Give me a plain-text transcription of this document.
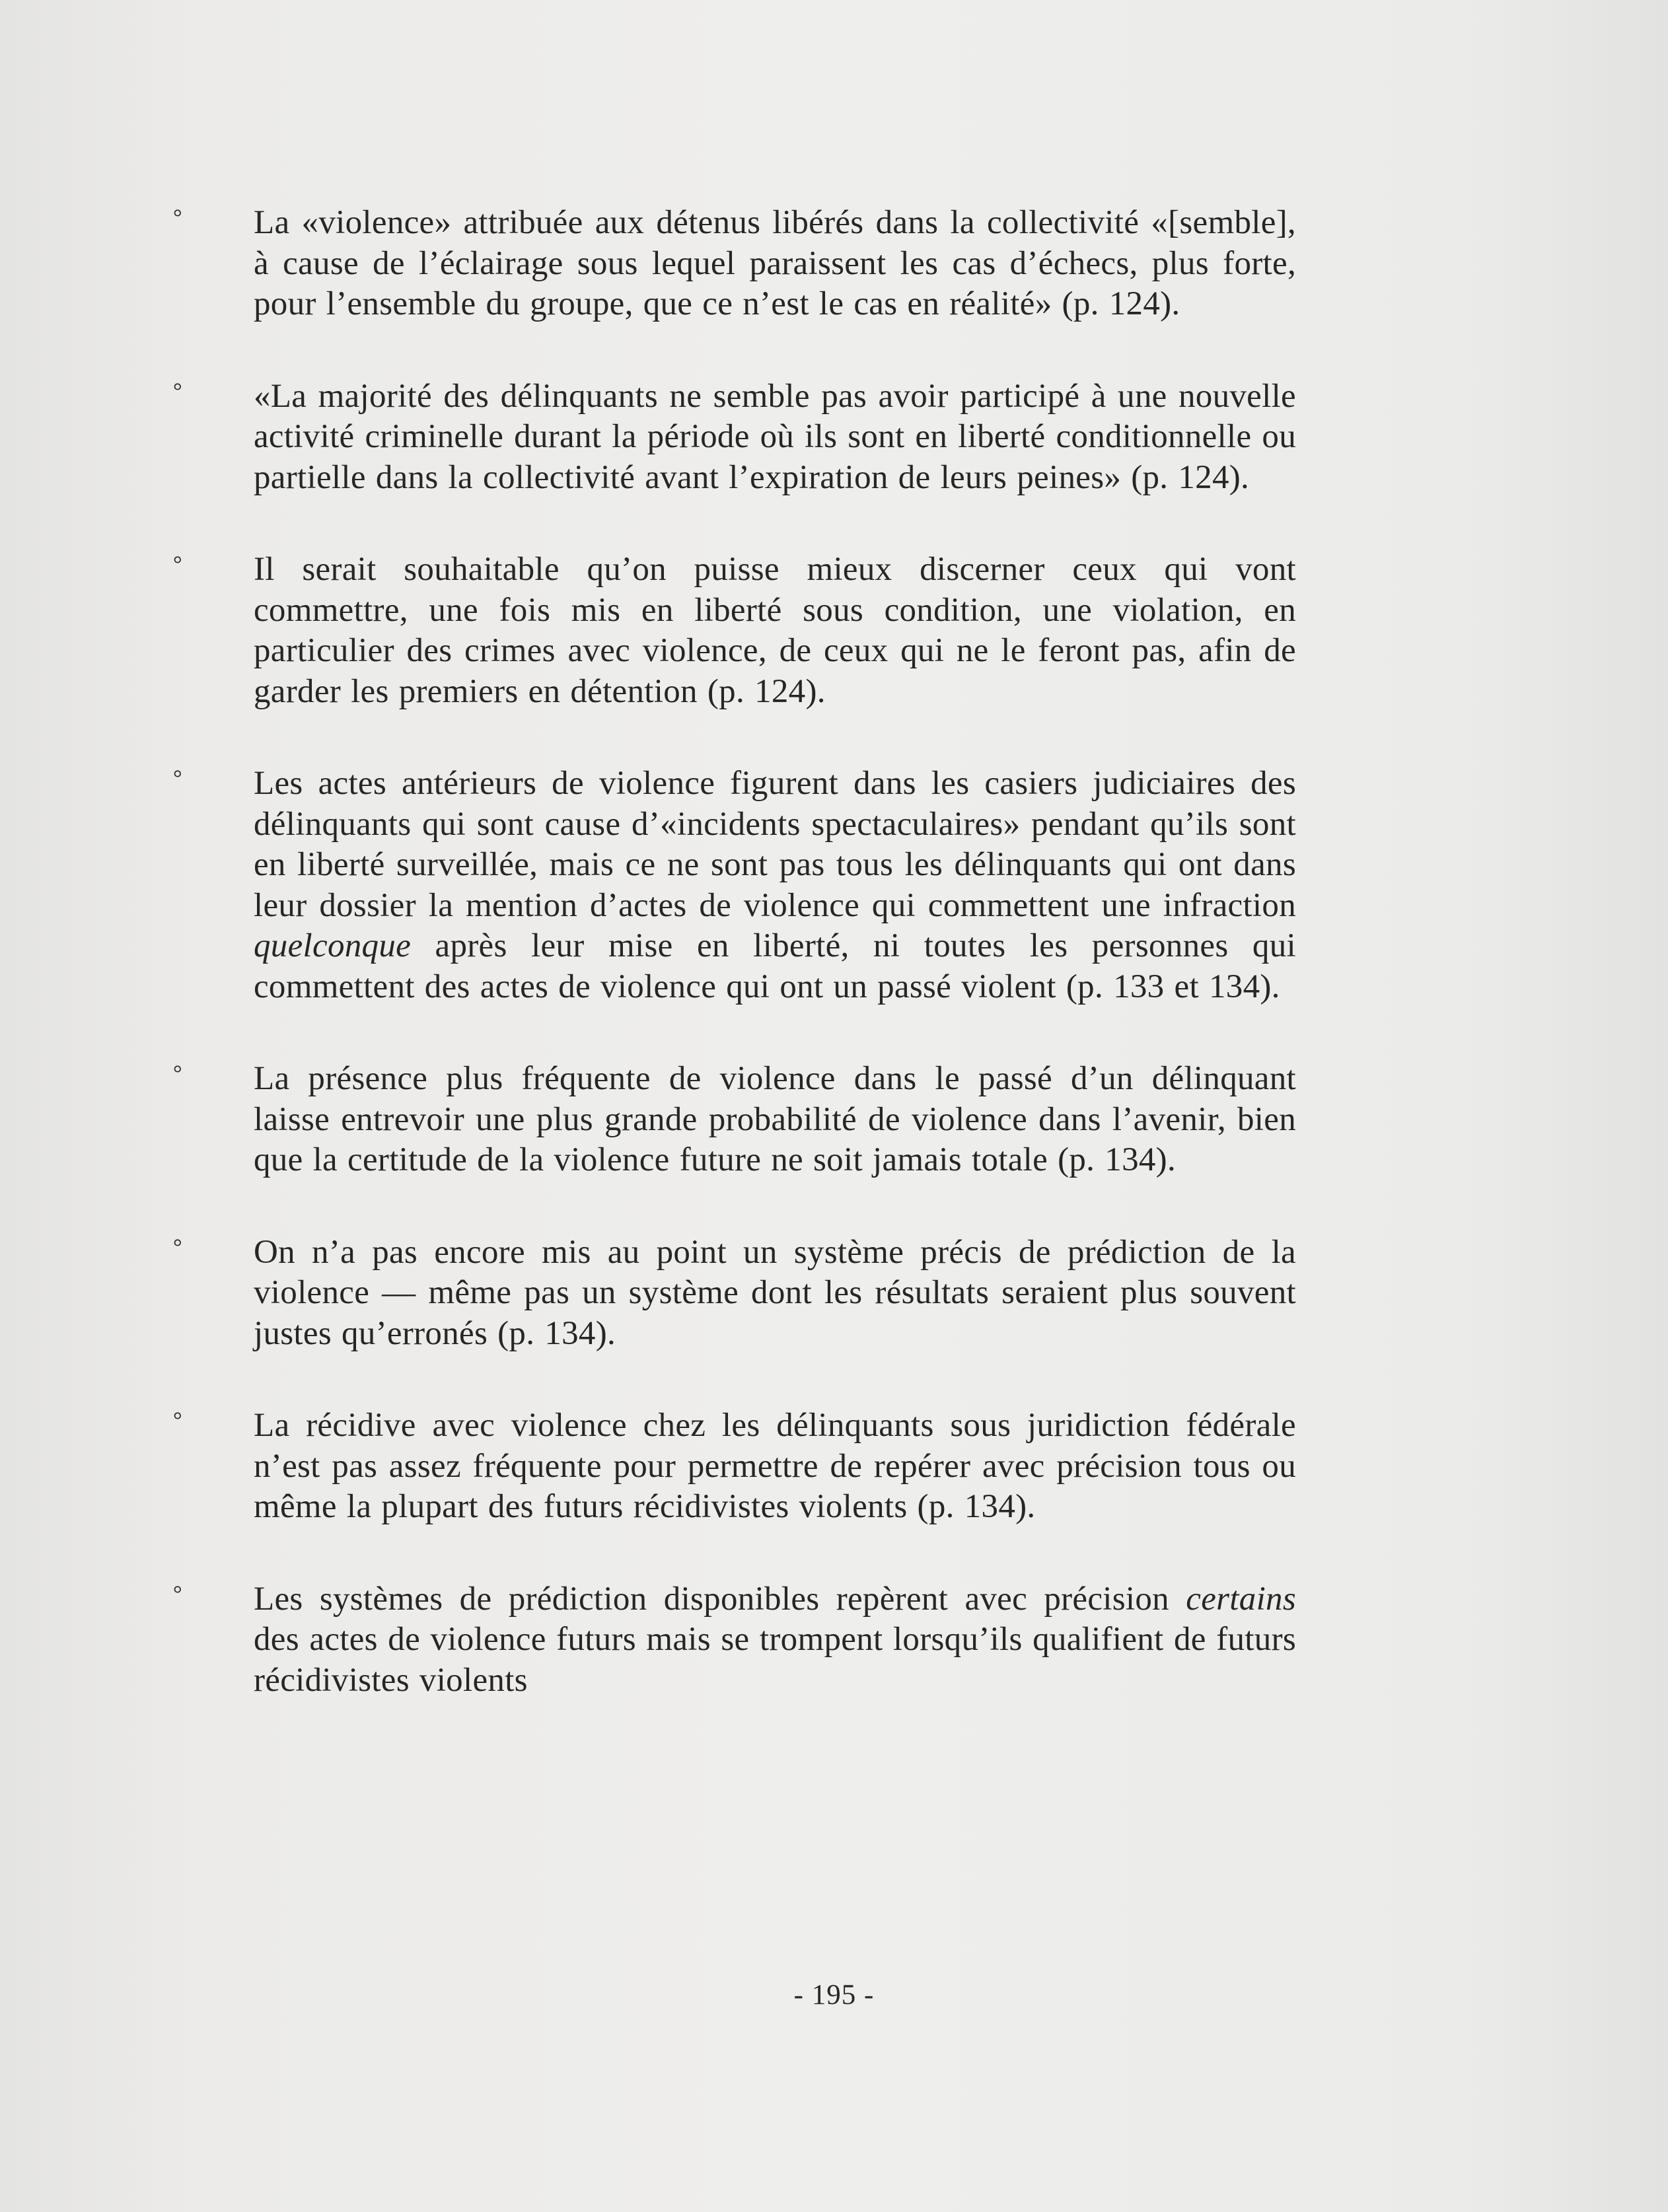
° La «violence» attribuée aux détenus libérés dans la collectivité «[semble], à cause de l’éclairage sous lequel paraissent les cas d’échecs, plus forte, pour l’ensemble du groupe, que ce n’est le cas en réalité» (p. 124).

° «La majorité des délinquants ne semble pas avoir participé à une nouvelle activité criminelle durant la période où ils sont en liberté conditionnelle ou partielle dans la collectivité avant l’expiration de leurs peines» (p. 124).

° Il serait souhaitable qu’on puisse mieux discerner ceux qui vont commettre, une fois mis en liberté sous condition, une violation, en particulier des crimes avec violence, de ceux qui ne le feront pas, afin de garder les premiers en détention (p. 124).

° Les actes antérieurs de violence figurent dans les casiers judiciaires des délinquants qui sont cause d’«incidents spectaculaires» pendant qu’ils sont en liberté surveillée, mais ce ne sont pas tous les délinquants qui ont dans leur dossier la mention d’actes de violence qui commettent une infraction quelconque après leur mise en liberté, ni toutes les personnes qui commettent des actes de violence qui ont un passé violent (p. 133 et 134).

° La présence plus fréquente de violence dans le passé d’un délinquant laisse entrevoir une plus grande probabilité de violence dans l’avenir, bien que la certitude de la violence future ne soit jamais totale (p. 134).

° On n’a pas encore mis au point un système précis de prédiction de la violence — même pas un système dont les résultats seraient plus souvent justes qu’erronés (p. 134).

° La récidive avec violence chez les délinquants sous juridiction fédérale n’est pas assez fréquente pour permettre de repérer avec précision tous ou même la plupart des futurs récidivistes violents (p. 134).

° Les systèmes de prédiction disponibles repèrent avec précision certains des actes de violence futurs mais se trompent lorsqu’ils qualifient de futurs récidivistes violents

- 195 -
